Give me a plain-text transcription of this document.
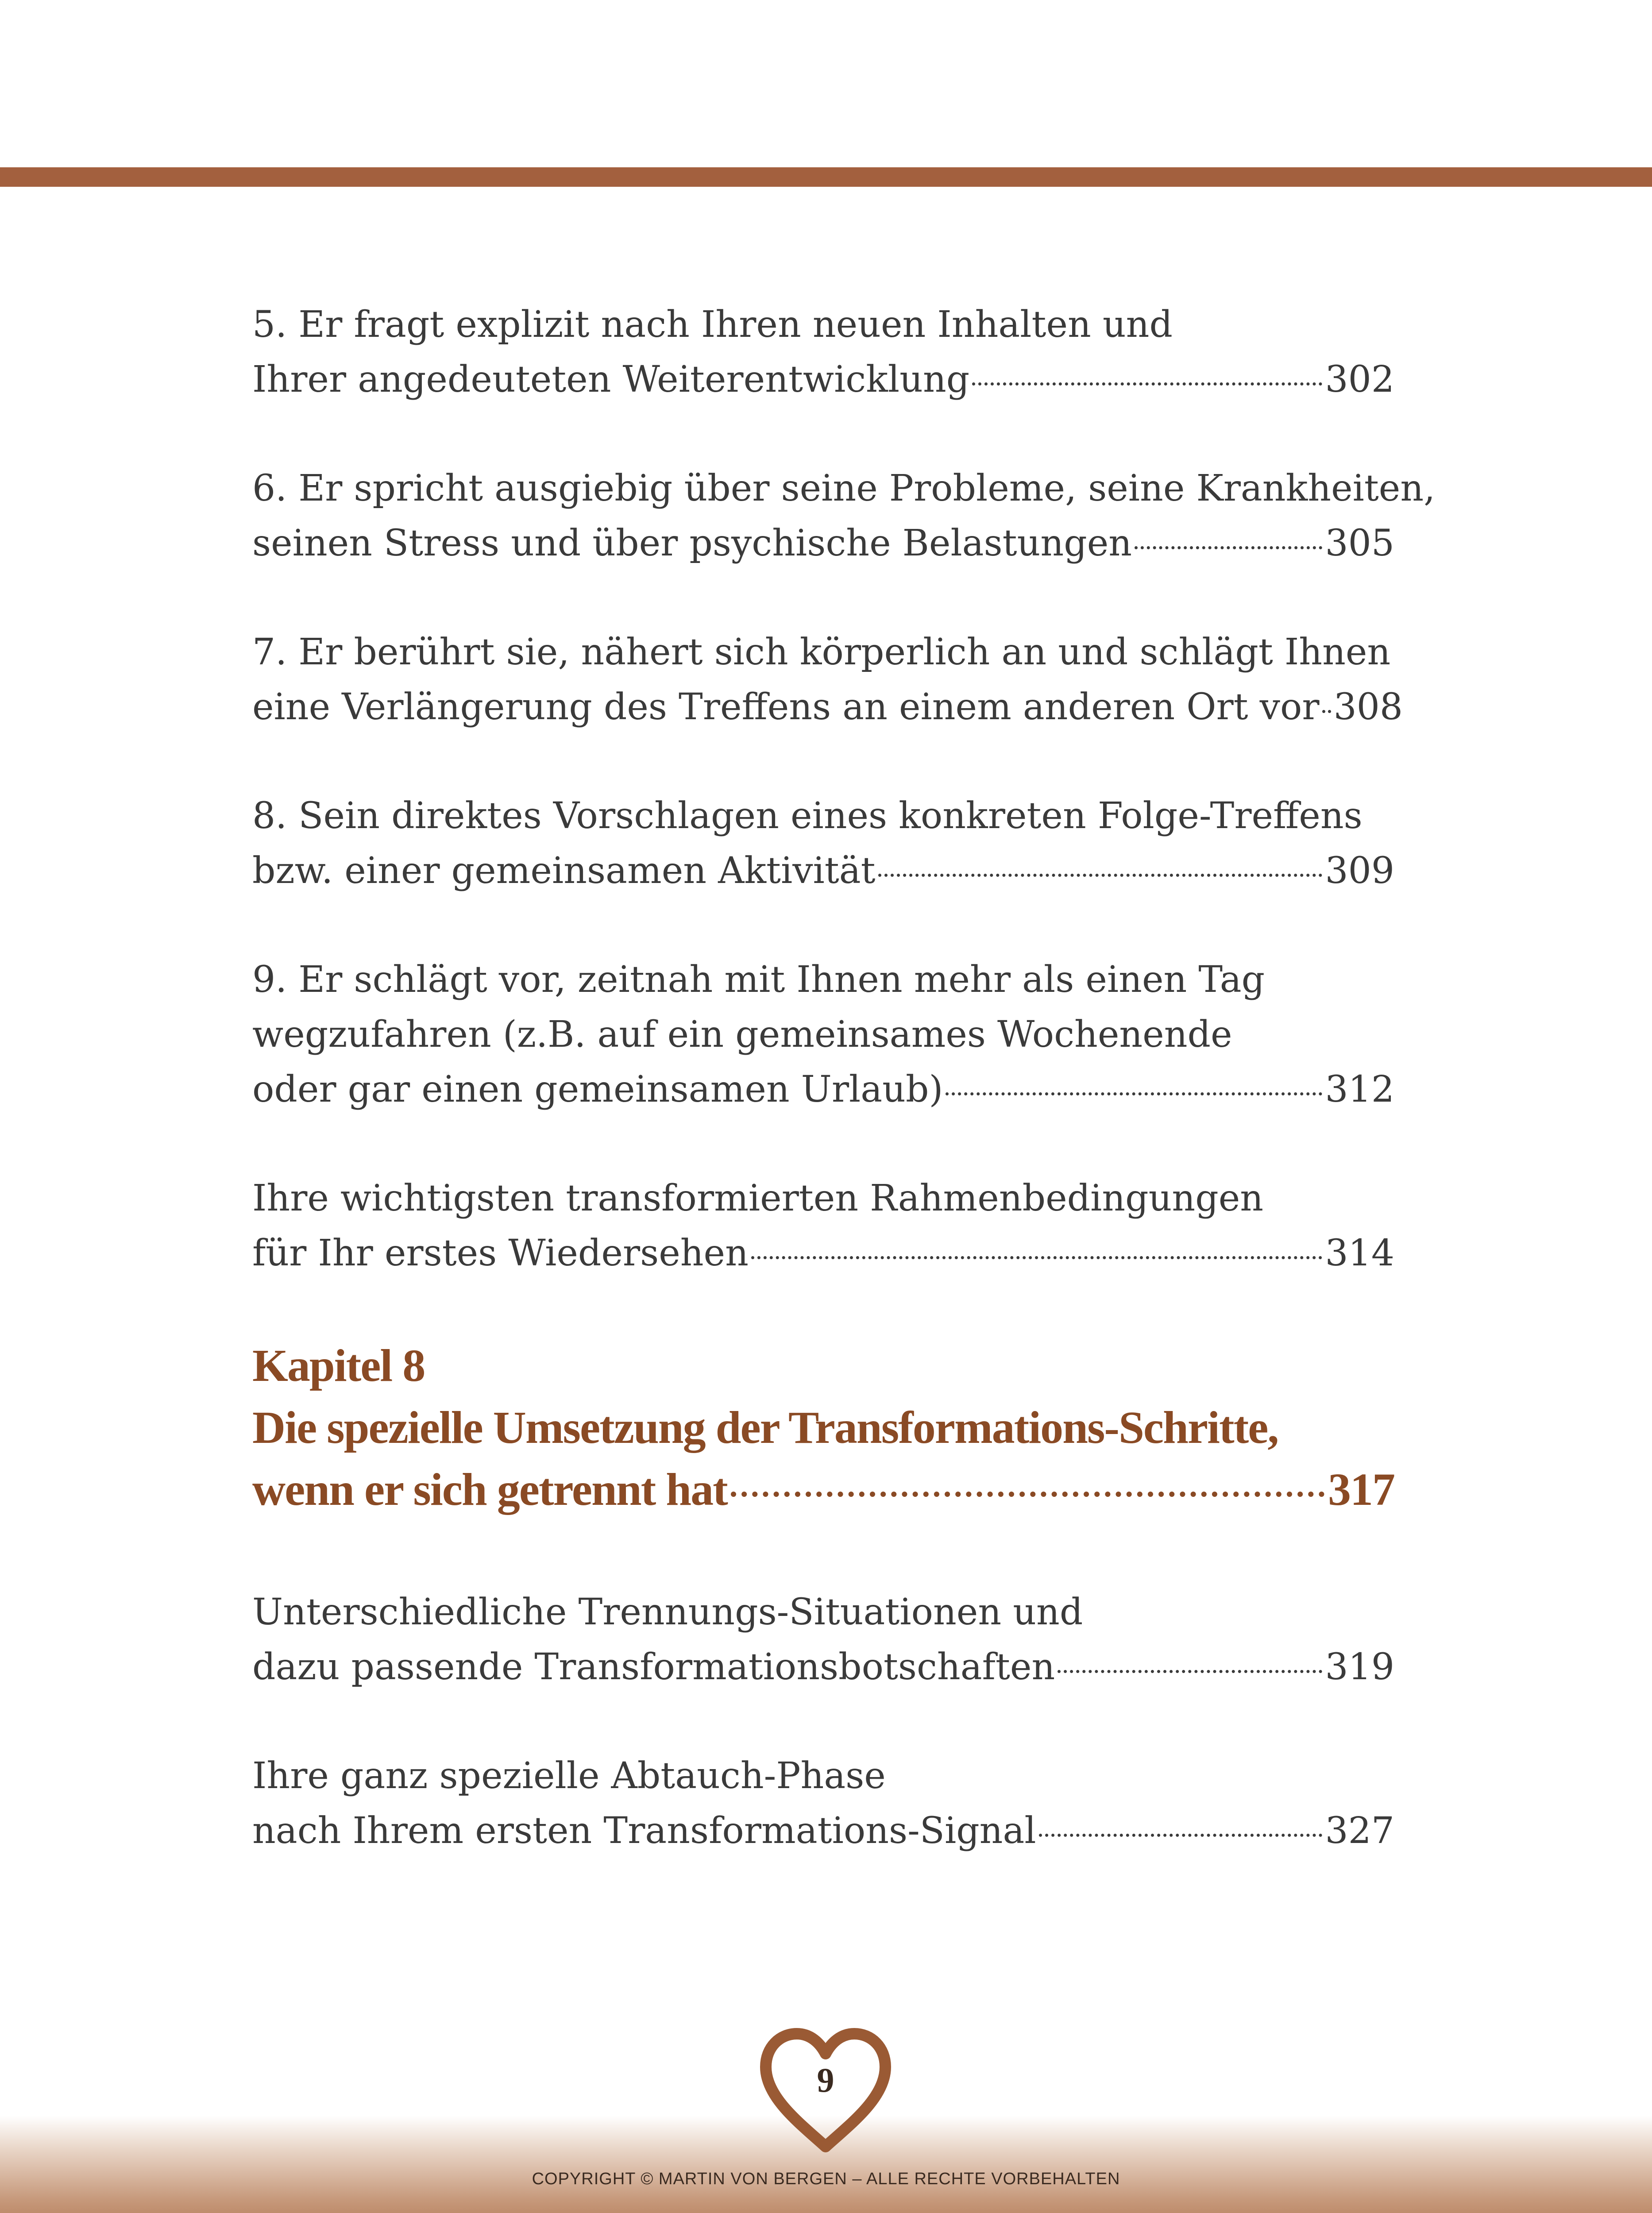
5. Er fragt explizit nach Ihren neuen Inhalten und
Ihrer angedeuteten Weiterentwicklung	302
6. Er spricht ausgiebig über seine Probleme, seine Krankheiten,
seinen Stress und über psychische Belastungen	305
7. Er berührt sie, nähert sich körperlich an und schlägt Ihnen
eine Verlängerung des Treffens an einem anderen Ort vor 308
8. Sein direktes Vorschlagen eines konkreten Folge-Treffens
bzw. einer gemeinsamen Aktivität	309
9. Er schlägt vor, zeitnah mit Ihnen mehr als einen Tag
wegzufahren (z.B. auf ein gemeinsames Wochenende
oder gar einen gemeinsamen Urlaub)	312
Ihre wichtigsten transformierten Rahmenbedingungen
für Ihr erstes Wiedersehen	314
Kapitel 8
Die spezielle Umsetzung der Transformations-Schritte,
wenn er sich getrennt hat	317
Unterschiedliche Trennungs-Situationen und
dazu passende Transformationsbotschaften	319
Ihre ganz spezielle Abtauch-Phase
nach Ihrem ersten Transformations-Signal	327
9
COPYRIGHT © MARTIN VON BERGEN – ALLE RECHTE VORBEHALTEN
